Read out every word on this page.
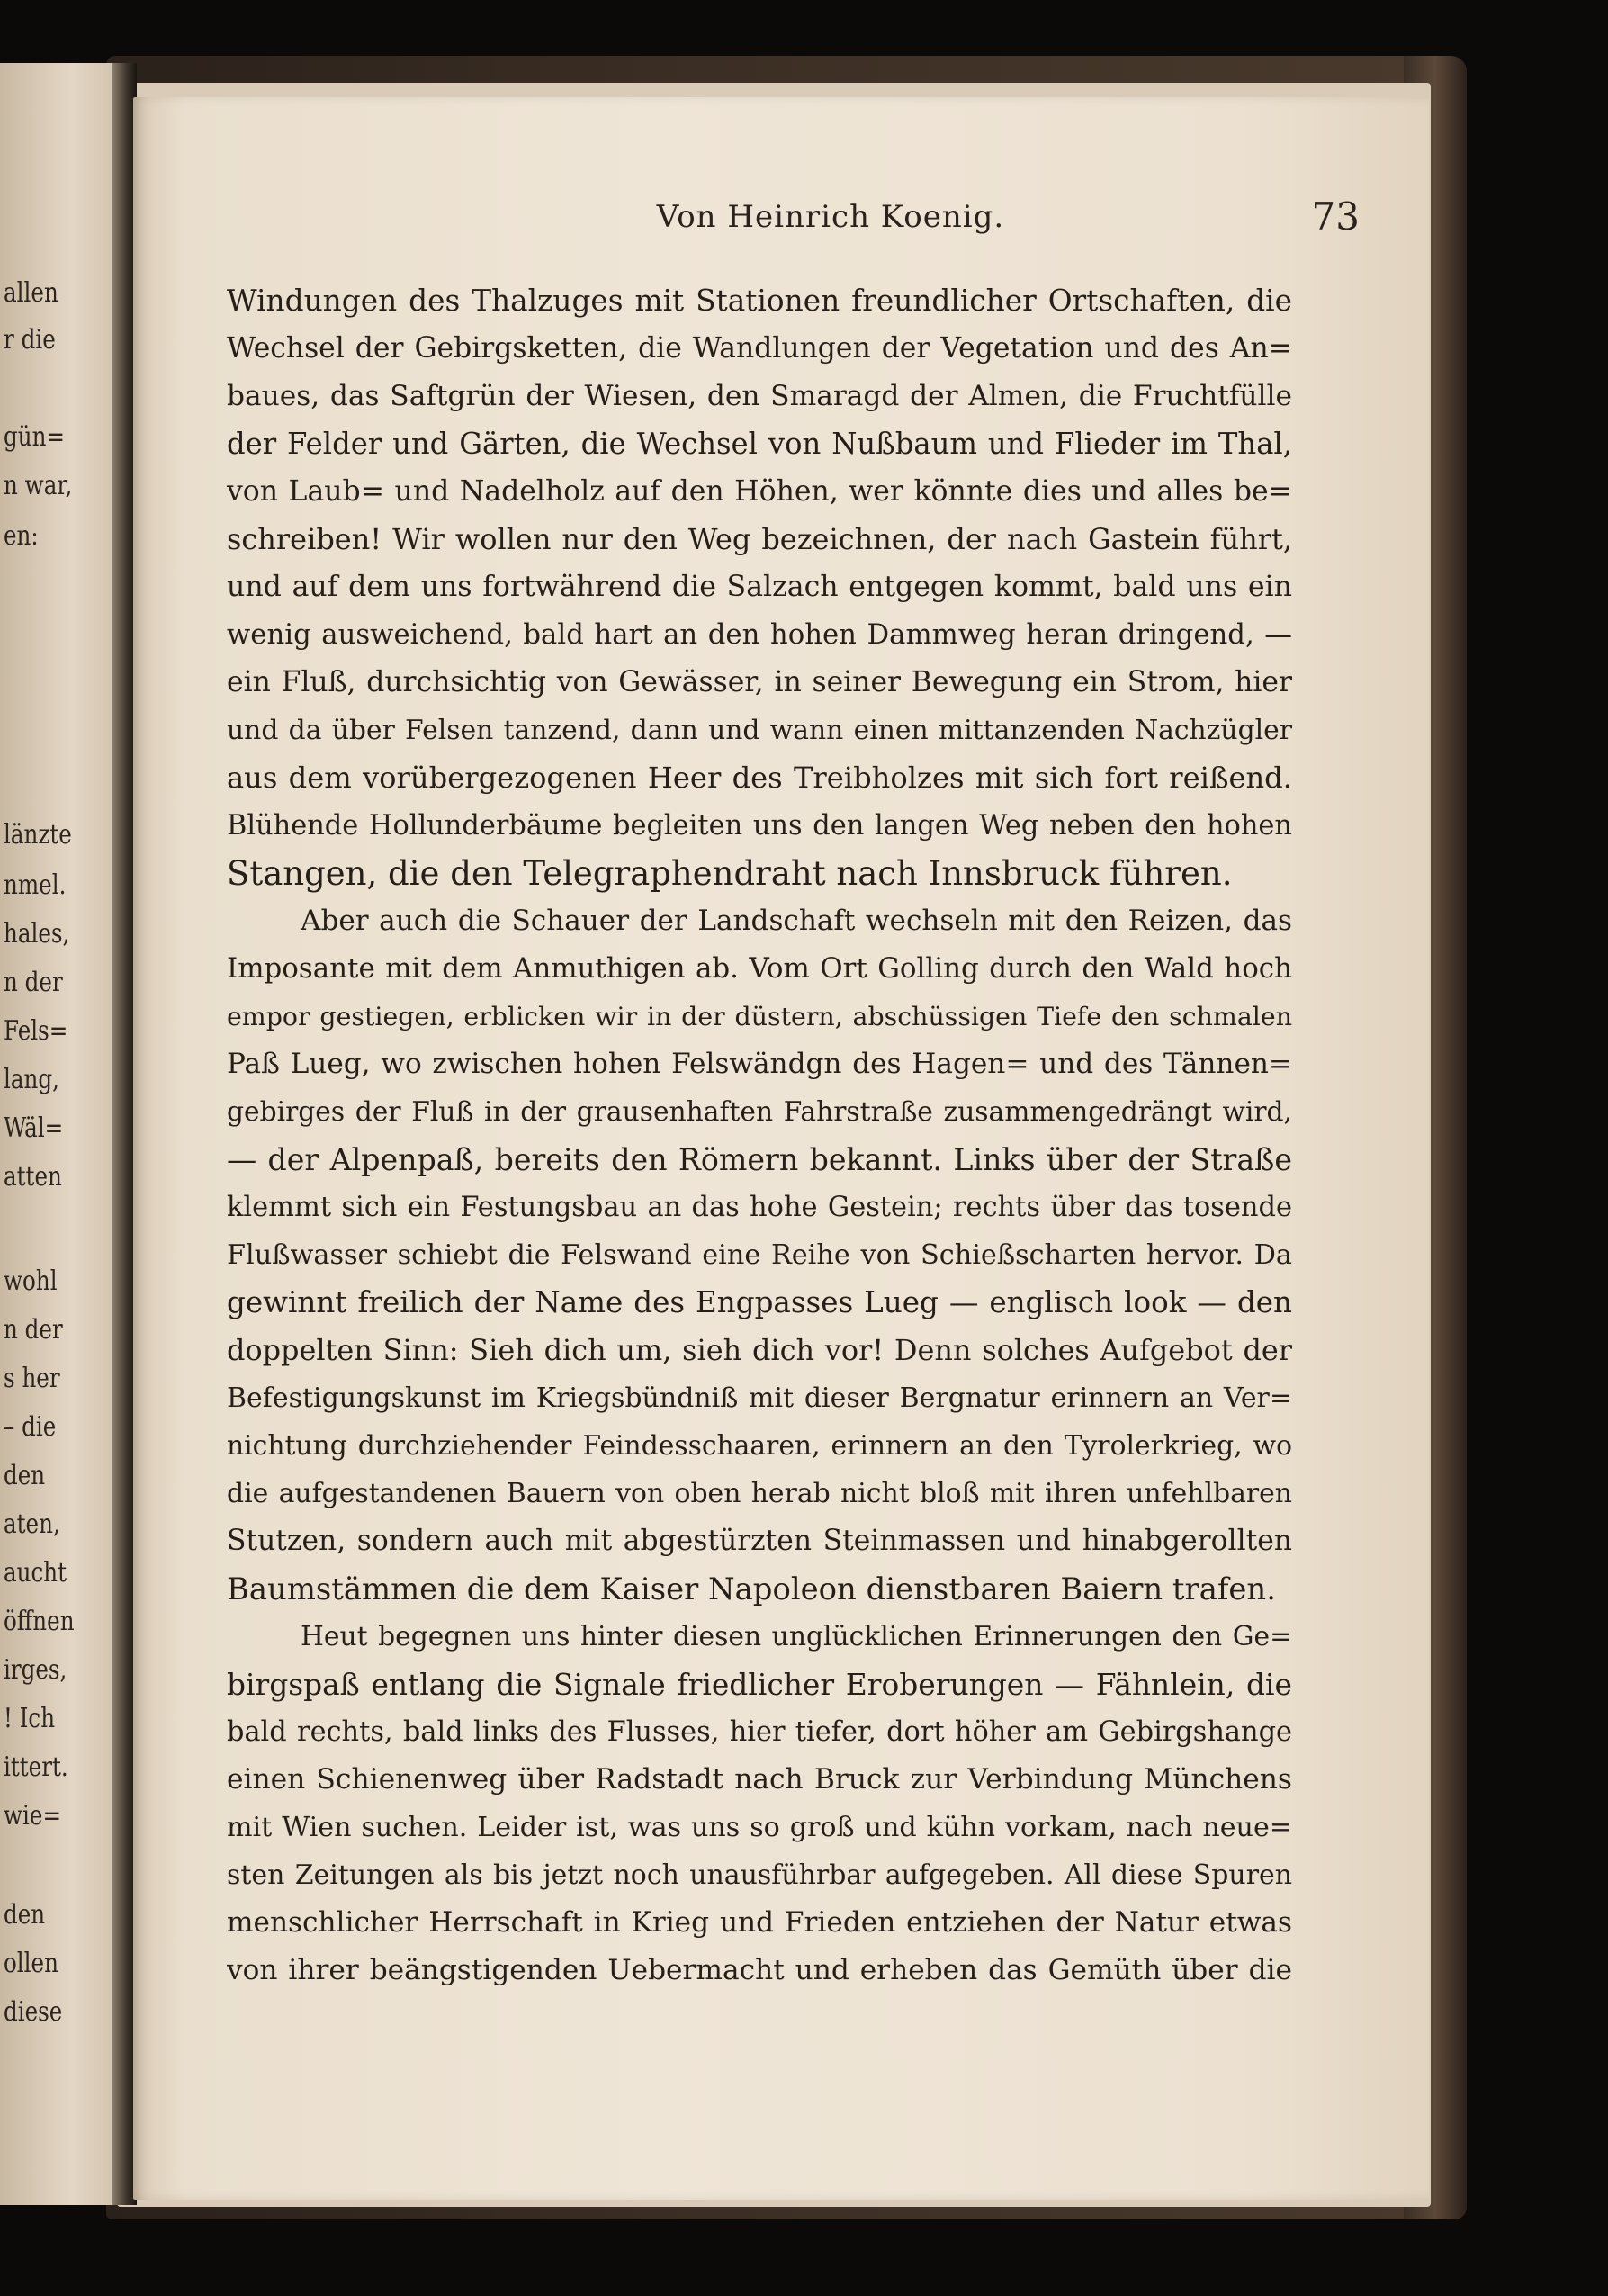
allen
r die
gün=
n war,
en:
länzte
nmel.
hales,
n der
Fels=
lang,
Wäl=
atten
wohl
n der
s her
– die
den
aten,
aucht
öffnen
irges,
! Ich
ittert.
wie=
den
ollen
diese
Von Heinrich Koenig.	73
Windungen des Thalzuges mit Stationen freundlicher Ortschaften, die
Wechsel der Gebirgsketten, die Wandlungen der Vegetation und des An=
baues, das Saftgrün der Wiesen, den Smaragd der Almen, die Fruchtfülle
der Felder und Gärten, die Wechsel von Nußbaum und Flieder im Thal,
von Laub= und Nadelholz auf den Höhen, wer könnte dies und alles be=
schreiben! Wir wollen nur den Weg bezeichnen, der nach Gastein führt,
und auf dem uns fortwährend die Salzach entgegen kommt, bald uns ein
wenig ausweichend, bald hart an den hohen Dammweg heran dringend, —
ein Fluß, durchsichtig von Gewässer, in seiner Bewegung ein Strom, hier
und da über Felsen tanzend, dann und wann einen mittanzenden Nachzügler
aus dem vorübergezogenen Heer des Treibholzes mit sich fort reißend.
Blühende Hollunderbäume begleiten uns den langen Weg neben den hohen
Stangen, die den Telegraphendraht nach Innsbruck führen.
Aber auch die Schauer der Landschaft wechseln mit den Reizen, das
Imposante mit dem Anmuthigen ab. Vom Ort Golling durch den Wald hoch
empor gestiegen, erblicken wir in der düstern, abschüssigen Tiefe den schmalen
Paß Lueg, wo zwischen hohen Felswändgn des Hagen= und des Tännen=
gebirges der Fluß in der grausenhaften Fahrstraße zusammengedrängt wird,
— der Alpenpaß, bereits den Römern bekannt. Links über der Straße
klemmt sich ein Festungsbau an das hohe Gestein; rechts über das tosende
Flußwasser schiebt die Felswand eine Reihe von Schießscharten hervor. Da
gewinnt freilich der Name des Engpasses Lueg — englisch look — den
doppelten Sinn: Sieh dich um, sieh dich vor! Denn solches Aufgebot der
Befestigungskunst im Kriegsbündniß mit dieser Bergnatur erinnern an Ver=
nichtung durchziehender Feindesschaaren, erinnern an den Tyrolerkrieg, wo
die aufgestandenen Bauern von oben herab nicht bloß mit ihren unfehlbaren
Stutzen, sondern auch mit abgestürzten Steinmassen und hinabgerollten
Baumstämmen die dem Kaiser Napoleon dienstbaren Baiern trafen.
Heut begegnen uns hinter diesen unglücklichen Erinnerungen den Ge=
birgspaß entlang die Signale friedlicher Eroberungen — Fähnlein, die
bald rechts, bald links des Flusses, hier tiefer, dort höher am Gebirgshange
einen Schienenweg über Radstadt nach Bruck zur Verbindung Münchens
mit Wien suchen. Leider ist, was uns so groß und kühn vorkam, nach neue=
sten Zeitungen als bis jetzt noch unausführbar aufgegeben. All diese Spuren
menschlicher Herrschaft in Krieg und Frieden entziehen der Natur etwas
von ihrer beängstigenden Uebermacht und erheben das Gemüth über die
